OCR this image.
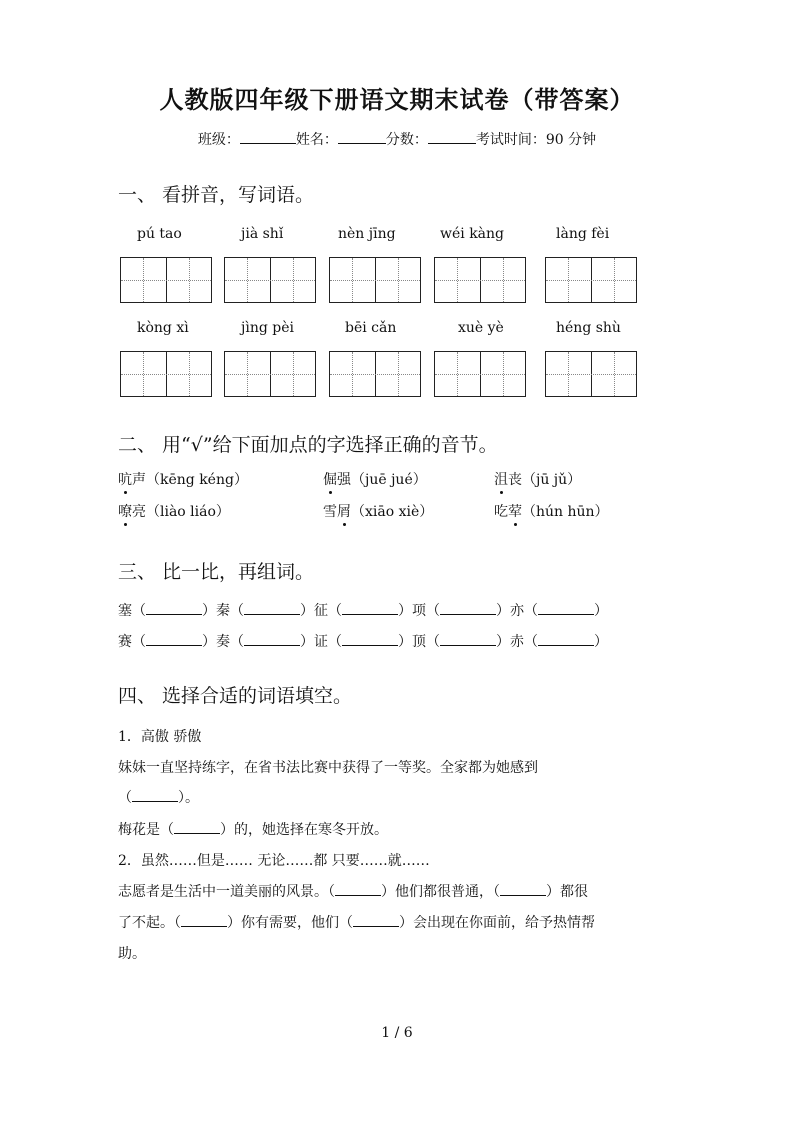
人教版四年级下册语文期末试卷（带答案）
班级：	姓名：	分数：	考试时间：90 分钟
一、 看拼音，写词语。
pú tao	jià shǐ	nèn jīng	wéi kàng	làng fèi
kòng xì	jìng pèi	bēi cǎn	xuè yè	héng shù
二、 用“√”给下面加点的字选择正确的音节。
吭声（kēng kéng）	倔强（juē jué）	沮丧（jū jǔ）
嘹亮（liào liáo）	雪屑（xiāo xiè）	吃荤（hún hūn）
三、 比一比，再组词。
塞（	）秦（	）征（	）项（	）亦（	）
赛（	）奏（	）证（	）顶（	）赤（	）
四、 选择合适的词语填空。
1．高傲 骄傲
妹妹一直坚持练字，在省书法比赛中获得了一等奖。全家都为她感到
（	）。
梅花是（	）的，她选择在寒冬开放。
2．虽然……但是…… 无论……都 只要……就……
志愿者是生活中一道美丽的风景。（	）他们都很普通，（	）都很
了不起。（	）你有需要，他们（	）会出现在你面前，给予热情帮
助。
1 / 6
